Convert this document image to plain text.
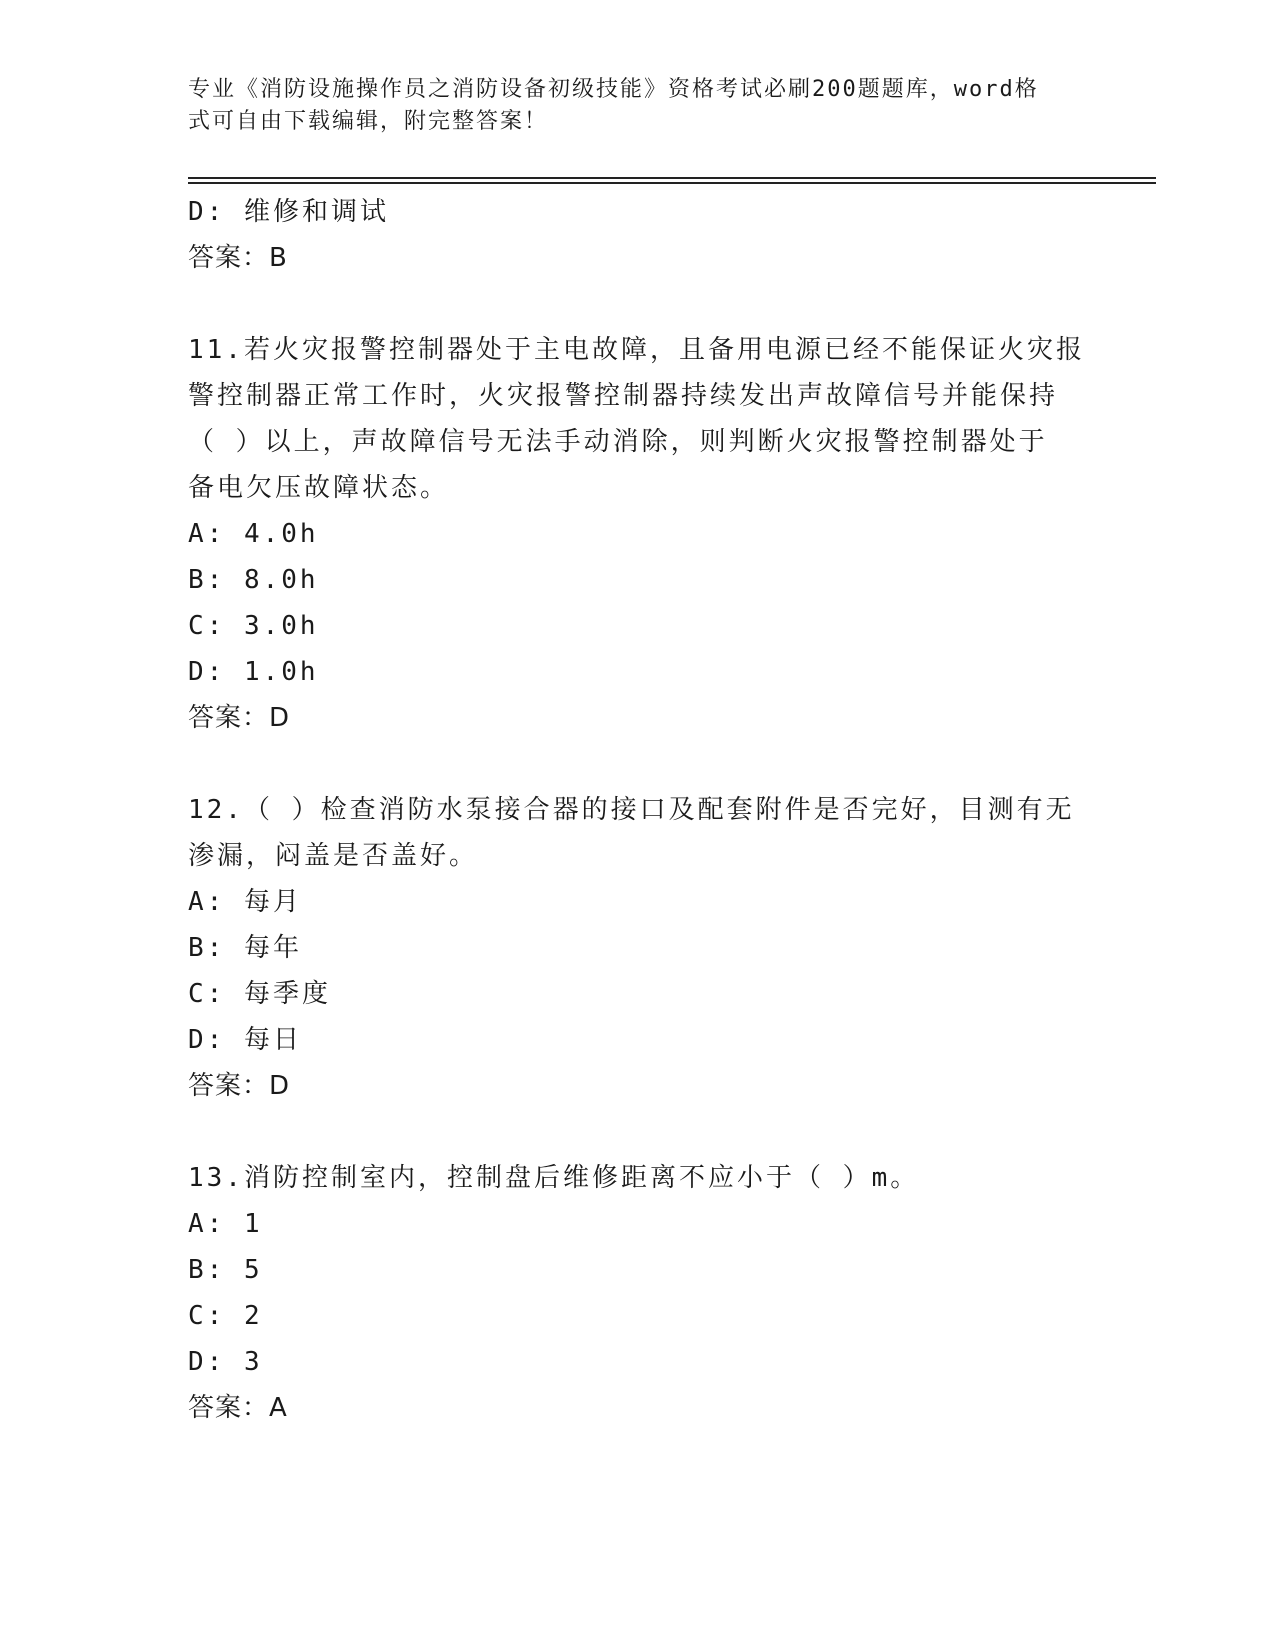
专业《消防设施操作员之消防设备初级技能》资格考试必刷200题题库，word格
式可自由下载编辑，附完整答案！
D: 维修和调试
答案：B
11.若火灾报警控制器处于主电故障，且备用电源已经不能保证火灾报
警控制器正常工作时，火灾报警控制器持续发出声故障信号并能保持
（ ）以上，声故障信号无法手动消除，则判断火灾报警控制器处于
备电欠压故障状态。
A: 4.0h
B: 8.0h
C: 3.0h
D: 1.0h
答案：D
12.（ ）检查消防水泵接合器的接口及配套附件是否完好，目测有无
渗漏，闷盖是否盖好。
A: 每月
B: 每年
C: 每季度
D: 每日
答案：D
13.消防控制室内，控制盘后维修距离不应小于（ ）m。
A: 1
B: 5
C: 2
D: 3
答案：A
